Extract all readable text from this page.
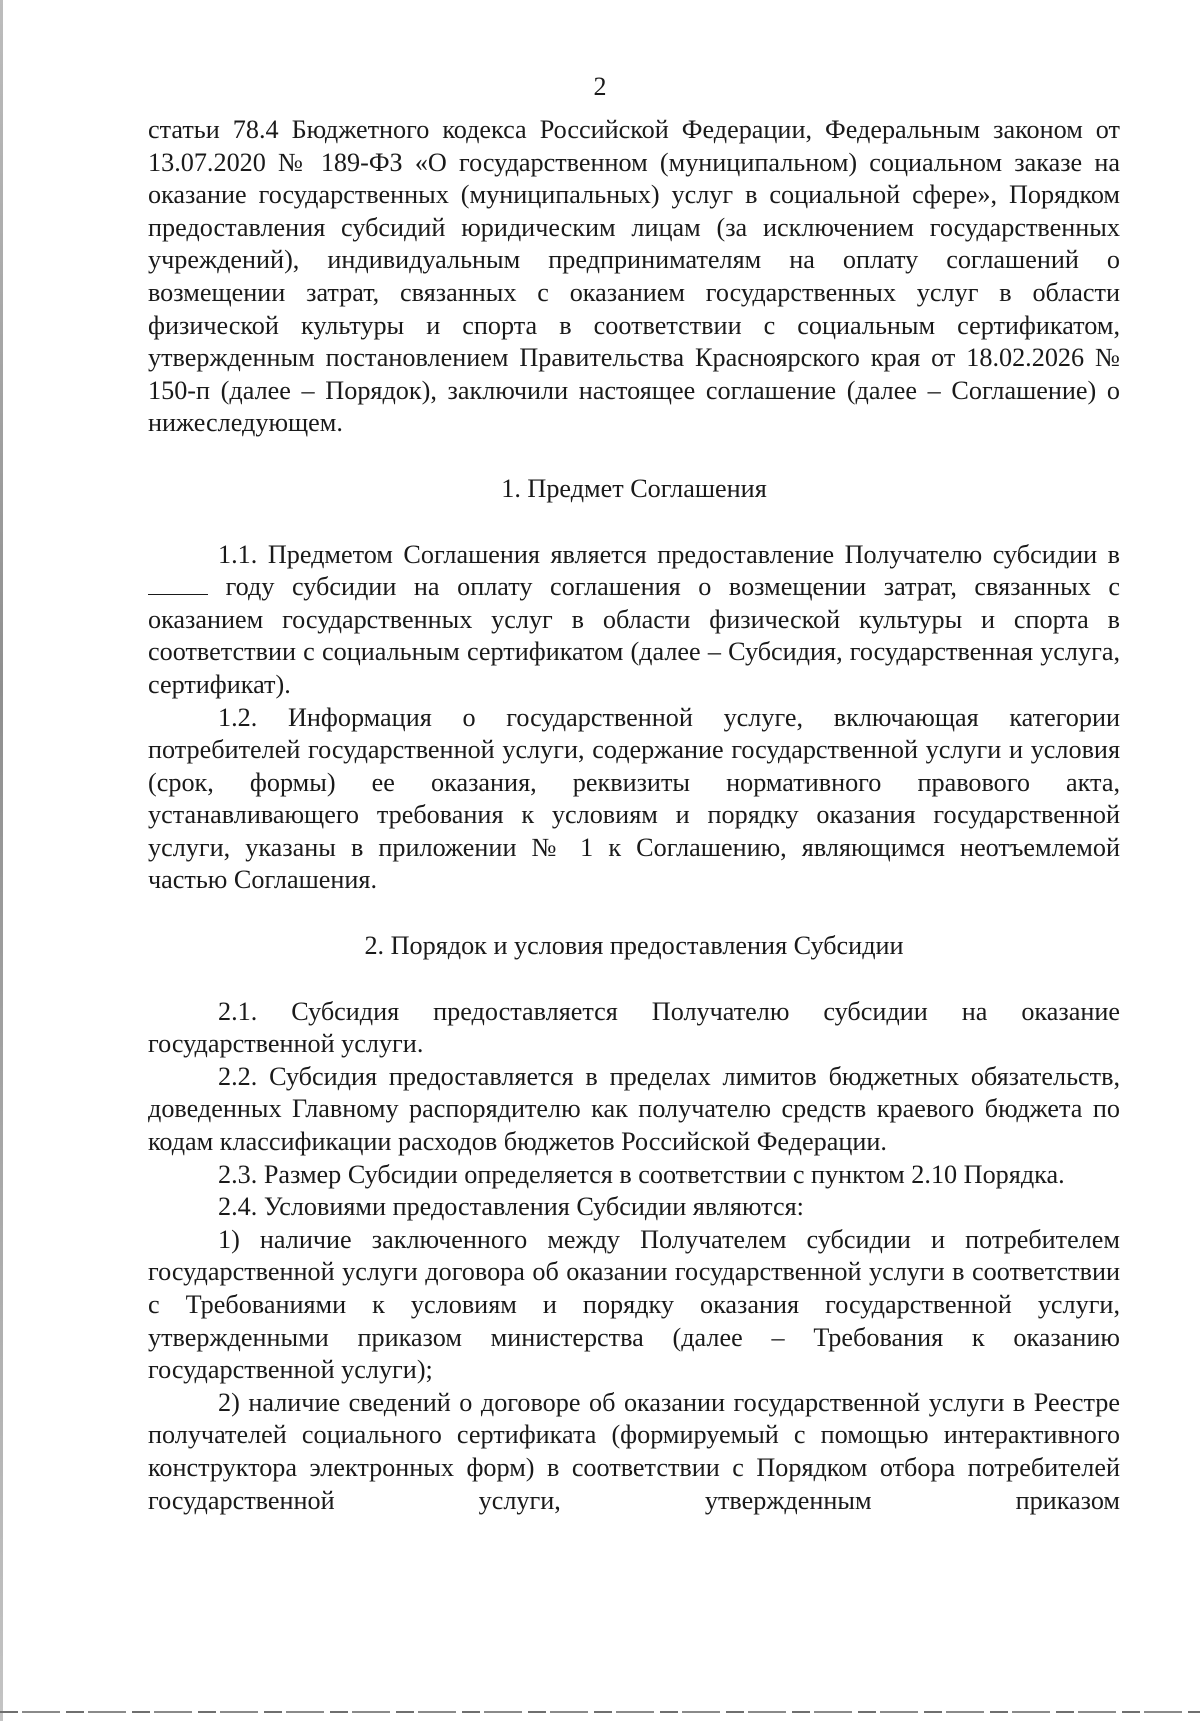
2

статьи 78.4 Бюджетного кодекса Российской Федерации, Федеральным законом от 13.07.2020 № 189-ФЗ «О государственном (муниципальном) социальном заказе на оказание государственных (муниципальных) услуг в социальной сфере», Порядком предоставления субсидий юридическим лицам (за исключением государственных учреждений), индивидуальным предпринимателям на оплату соглашений о возмещении затрат, связанных с оказанием государственных услуг в области физической культуры и спорта в соответствии с социальным сертификатом, утвержденным постановлением Правительства Красноярского края от 18.02.2026 № 150-п (далее – Порядок), заключили настоящее соглашение (далее – Соглашение) о нижеследующем.

1. Предмет Соглашения

1.1. Предметом Соглашения является предоставление Получателю субсидии в  году субсидии на оплату соглашения о возмещении затрат, связанных с оказанием государственных услуг в области физической культуры и спорта в соответствии с социальным сертификатом (далее – Субсидия, государственная услуга, сертификат).

1.2. Информация о государственной услуге, включающая категории потребителей государственной услуги, содержание государственной услуги и условия (срок, формы) ее оказания, реквизиты нормативного правового акта, устанавливающего требования к условиям и порядку оказания государственной услуги, указаны в приложении № 1 к Соглашению, являющимся неотъемлемой частью Соглашения.

2. Порядок и условия предоставления Субсидии

2.1. Субсидия предоставляется Получателю субсидии на оказание государственной услуги.

2.2. Субсидия предоставляется в пределах лимитов бюджетных обязательств, доведенных Главному распорядителю как получателю средств краевого бюджета по кодам классификации расходов бюджетов Российской Федерации.

2.3. Размер Субсидии определяется в соответствии с пунктом 2.10 Порядка.

2.4. Условиями предоставления Субсидии являются:

1) наличие заключенного между Получателем субсидии и потребителем государственной услуги договора об оказании государственной услуги в соответствии с Требованиями к условиям и порядку оказания государственной услуги, утвержденными приказом министерства (далее – Требования к оказанию государственной услуги);

2) наличие сведений о договоре об оказании государственной услуги в Реестре получателей социального сертификата (формируемый с помощью интерактивного конструктора электронных форм) в соответствии с Порядком отбора потребителей государственной услуги, утвержденным приказом
